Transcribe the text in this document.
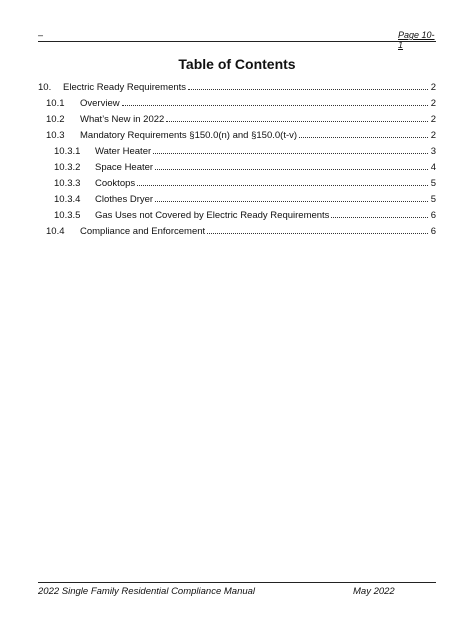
–	Page 10-1
Table of Contents
10.	Electric Ready Requirements	2
10.1	Overview	2
10.2	What’s New in 2022	2
10.3	Mandatory Requirements §150.0(n) and §150.0(t-v)	2
10.3.1	Water Heater	3
10.3.2	Space Heater	4
10.3.3	Cooktops	5
10.3.4	Clothes Dryer	5
10.3.5	Gas Uses not Covered by Electric Ready Requirements	6
10.4	Compliance and Enforcement	6
2022 Single Family Residential Compliance Manual	May 2022
